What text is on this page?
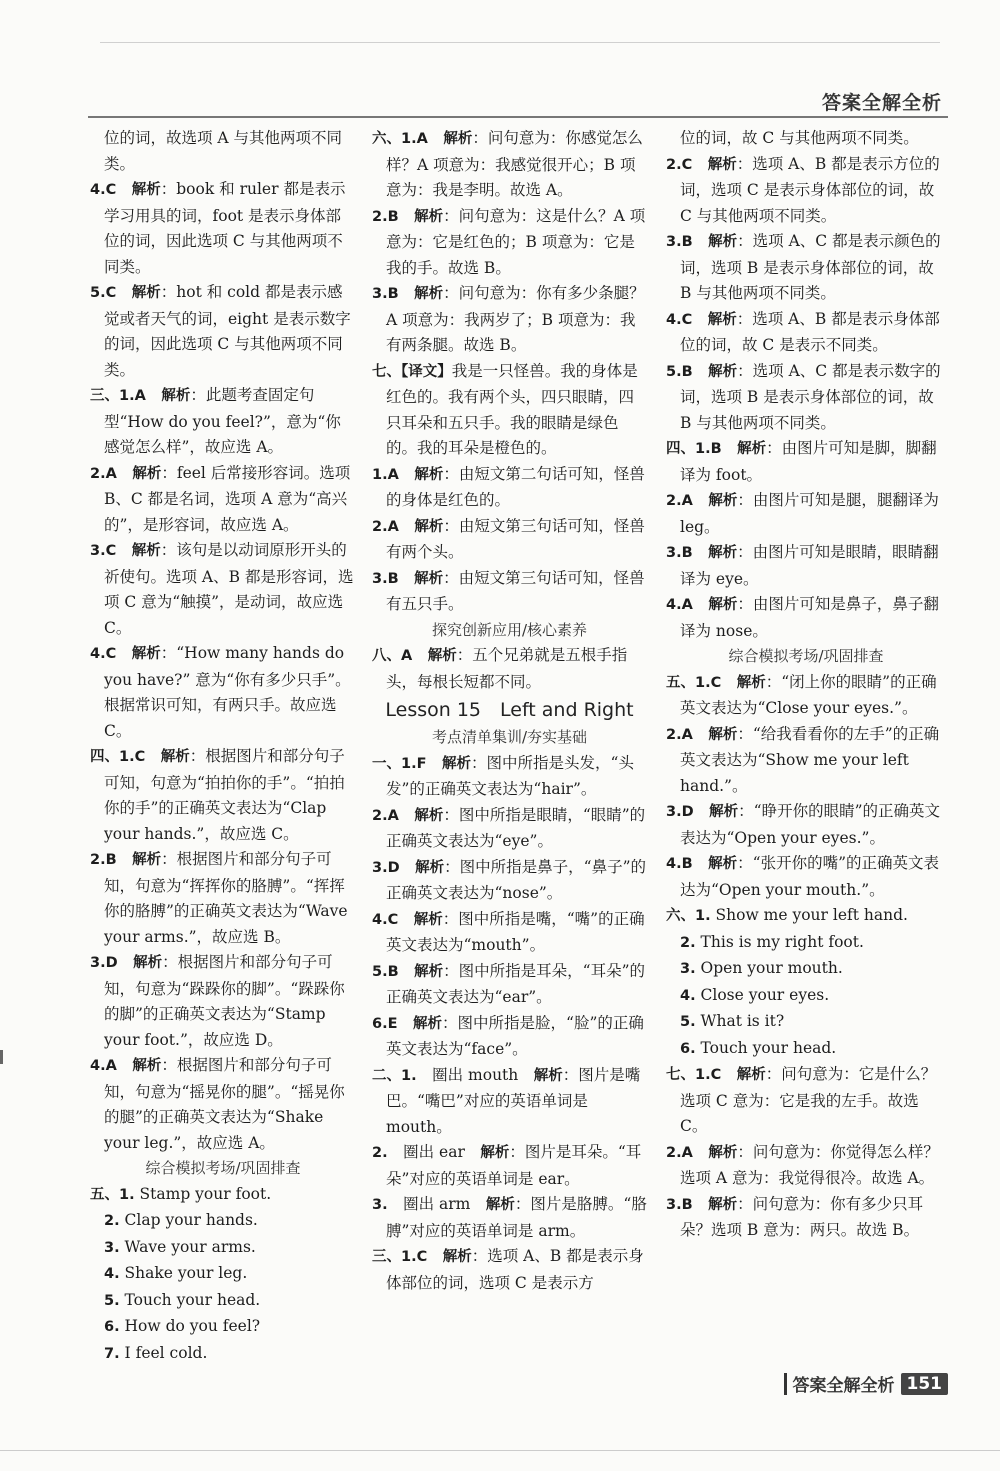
答案全解全析
位的词，故选项 A 与其他两项不同类。
4.C  解析：book 和 ruler 都是表示学习用具的词，foot 是表示身体部位的词，因此选项 C 与其他两项不同类。
5.C  解析：hot 和 cold 都是表示感觉或者天气的词，eight 是表示数字的词，因此选项 C 与其他两项不同类。
三、1.A  解析：此题考查固定句型“How do you feel?”，意为“你感觉怎么样”，故应选 A。
2.A  解析：feel 后常接形容词。选项 B、C 都是名词，选项 A 意为“高兴的”，是形容词，故应选 A。
3.C  解析：该句是以动词原形开头的祈使句。选项 A、B 都是形容词，选项 C 意为“触摸”，是动词，故应选 C。
4.C  解析：“How many hands do you have?” 意为“你有多少只手”。根据常识可知，有两只手。故应选 C。
四、1.C  解析：根据图片和部分句子可知，句意为“拍拍你的手”。“拍拍你的手”的正确英文表达为“Clap your hands.”，故应选 C。
2.B  解析：根据图片和部分句子可知，句意为“挥挥你的胳膊”。“挥挥你的胳膊”的正确英文表达为“Wave your arms.”，故应选 B。
3.D  解析：根据图片和部分句子可知，句意为“跺跺你的脚”。“跺跺你的脚”的正确英文表达为“Stamp your foot.”，故应选 D。
4.A  解析：根据图片和部分句子可知，句意为“摇晃你的腿”。“摇晃你的腿”的正确英文表达为“Shake your leg.”，故应选 A。
综合模拟考场/巩固排查
五、1. Stamp your foot.
2. Clap your hands.
3. Wave your arms.
4. Shake your leg.
5. Touch your head.
6. How do you feel?
7. I feel cold.
六、1.A  解析：问句意为：你感觉怎么样？A 项意为：我感觉很开心；B 项意为：我是李明。故选 A。
2.B  解析：问句意为：这是什么？A 项意为：它是红色的；B 项意为：它是我的手。故选 B。
3.B  解析：问句意为：你有多少条腿？A 项意为：我两岁了；B 项意为：我有两条腿。故选 B。
七、【译文】我是一只怪兽。我的身体是红色的。我有两个头，四只眼睛，四只耳朵和五只手。我的眼睛是绿色的。我的耳朵是橙色的。
1.A  解析：由短文第二句话可知，怪兽的身体是红色的。
2.A  解析：由短文第三句话可知，怪兽有两个头。
3.B  解析：由短文第三句话可知，怪兽有五只手。
探究创新应用/核心素养
八、A  解析：五个兄弟就是五根手指头，每根长短都不同。
Lesson 15　Left and Right
考点清单集训/夯实基础
一、1.F  解析：图中所指是头发，“头发”的正确英文表达为“hair”。
2.A  解析：图中所指是眼睛，“眼睛”的正确英文表达为“eye”。
3.D  解析：图中所指是鼻子，“鼻子”的正确英文表达为“nose”。
4.C  解析：图中所指是嘴，“嘴”的正确英文表达为“mouth”。
5.B  解析：图中所指是耳朵，“耳朵”的正确英文表达为“ear”。
6.E  解析：图中所指是脸，“脸”的正确英文表达为“face”。
二、1.  圈出 mouth　解析：图片是嘴巴。“嘴巴”对应的英语单词是 mouth。
2.  圈出 ear　解析：图片是耳朵。“耳朵”对应的英语单词是 ear。
3.  圈出 arm　解析：图片是胳膊。“胳膊”对应的英语单词是 arm。
三、1.C  解析：选项 A、B 都是表示身体部位的词，选项 C 是表示方
位的词，故 C 与其他两项不同类。
2.C  解析：选项 A、B 都是表示方位的词，选项 C 是表示身体部位的词，故 C 与其他两项不同类。
3.B  解析：选项 A、C 都是表示颜色的词，选项 B 是表示身体部位的词，故 B 与其他两项不同类。
4.C  解析：选项 A、B 都是表示身体部位的词，故 C 是表示不同类。
5.B  解析：选项 A、C 都是表示数字的词，选项 B 是表示身体部位的词，故 B 与其他两项不同类。
四、1.B  解析：由图片可知是脚，脚翻译为 foot。
2.A  解析：由图片可知是腿，腿翻译为 leg。
3.B  解析：由图片可知是眼睛，眼睛翻译为 eye。
4.A  解析：由图片可知是鼻子，鼻子翻译为 nose。
综合模拟考场/巩固排查
五、1.C  解析：“闭上你的眼睛”的正确英文表达为“Close your eyes.”。
2.A  解析：“给我看看你的左手”的正确英文表达为“Show me your left hand.”。
3.D  解析：“睁开你的眼睛”的正确英文表达为“Open your eyes.”。
4.B  解析：“张开你的嘴”的正确英文表达为“Open your mouth.”。
六、1. Show me your left hand.
2. This is my right foot.
3. Open your mouth.
4. Close your eyes.
5. What is it?
6. Touch your head.
七、1.C  解析：问句意为：它是什么？选项 C 意为：它是我的左手。故选 C。
2.A  解析：问句意为：你觉得怎么样？选项 A 意为：我觉得很冷。故选 A。
3.B  解析：问句意为：你有多少只耳朵？选项 B 意为：两只。故选 B。
答案全解全析 151
